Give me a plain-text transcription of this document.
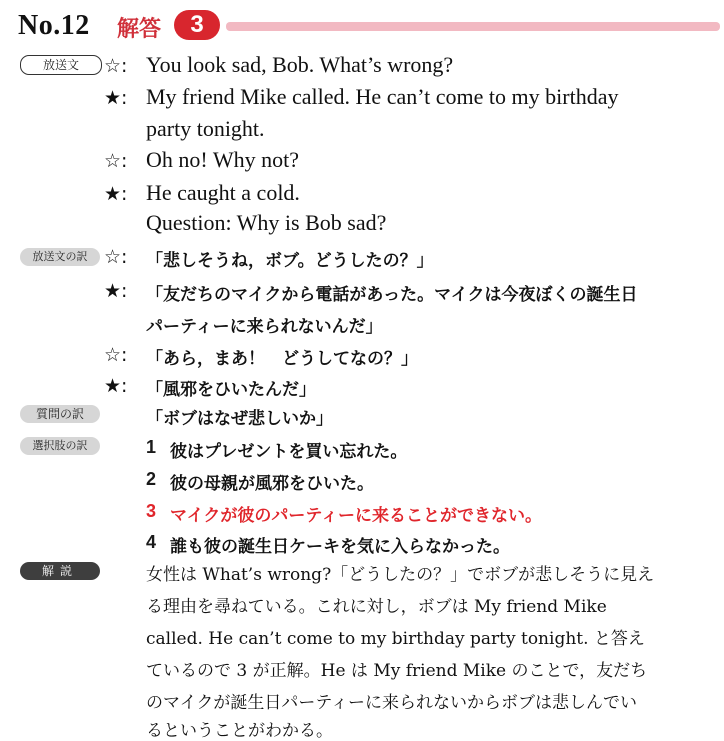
No.12 解答	3
放送文	☆: You look sad, Bob. What’s wrong?
★: My friend Mike called. He can’t come to my birthday
party tonight.
☆: Oh no! Why not?
★: He caught a cold.
Question: Why is Bob sad?
放送文の訳 ☆: 「悲しそうね，ボブ。どうしたの？」
★: 「友だちのマイクから電話があった。マイクは今夜ぼくの誕生日
パーティーに来られないんだ」
☆: 「あら，まあ！　どうしてなの？」
★: 「風邪をひいたんだ」
質問の訳	「ボブはなぜ悲しいか」
選択肢の訳	1 彼はプレゼントを買い忘れた。
2 彼の母親が風邪をひいた。
3 マイクが彼のパーティーに来ることができない。
4 誰も彼の誕生日ケーキを気に入らなかった。
解説	女性は What’s wrong?「どうしたの？」でボブが悲しそうに見え
る理由を尋ねている。これに対し，ボブは My friend Mike
called. He can’t come to my birthday party tonight. と答え
ているので 3 が正解。He は My friend Mike のことで，友だち
のマイクが誕生日パーティーに来られないからボブは悲しんでい
るということがわかる。
